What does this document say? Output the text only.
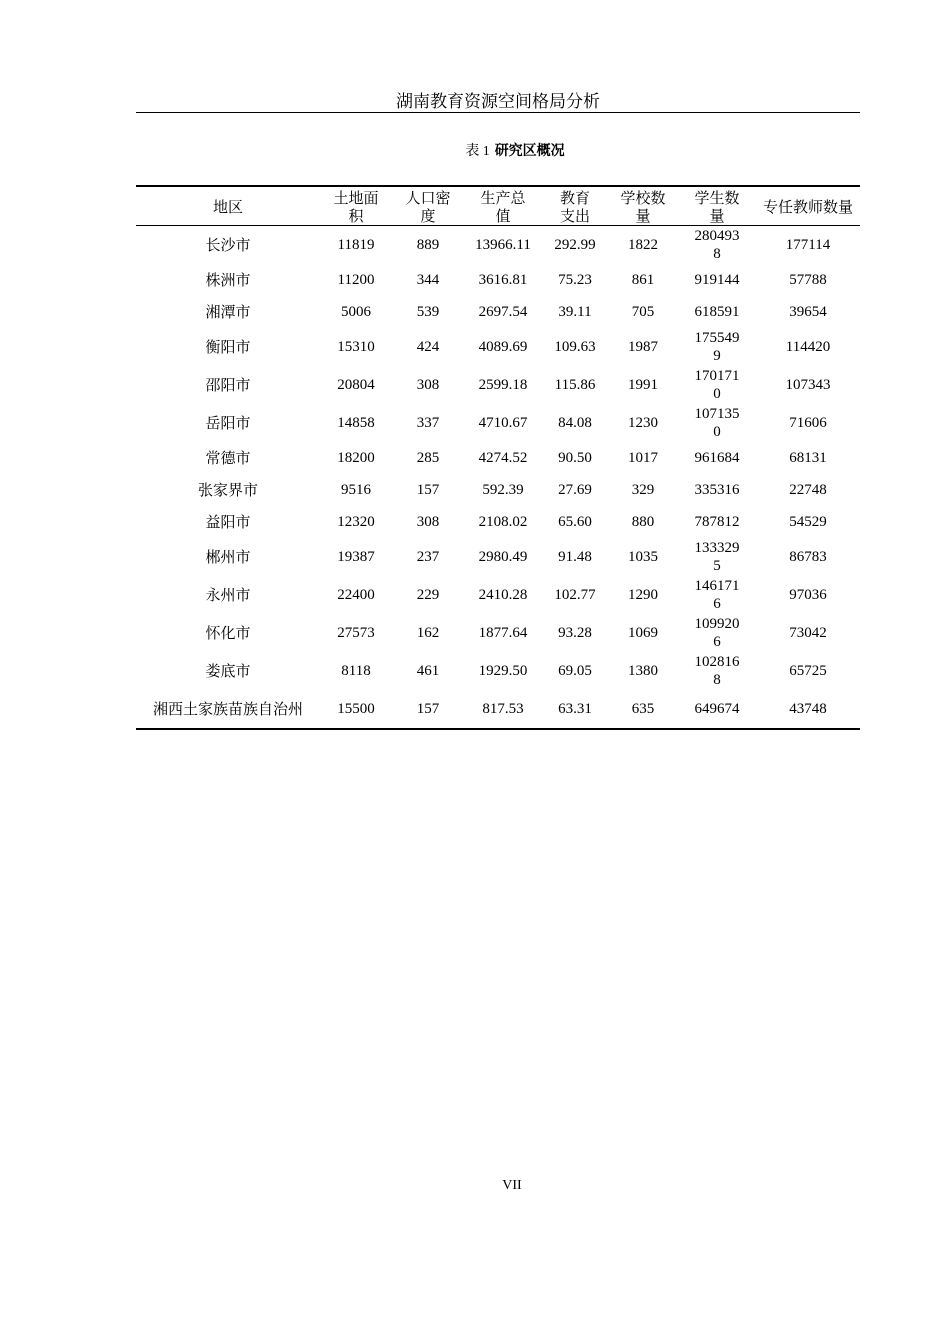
湖南教育资源空间格局分析
表 1 研究区概况
地区	土地面积	人口密度	生产总值	教育支出	学校数量	学生数量	专任教师数量
长沙市	11819	889	13966.11	292.99	1822	2804938	177114
株洲市	11200	344	3616.81	75.23	861	919144	57788
湘潭市	5006	539	2697.54	39.11	705	618591	39654
衡阳市	15310	424	4089.69	109.63	1987	1755499	114420
邵阳市	20804	308	2599.18	115.86	1991	1701710	107343
岳阳市	14858	337	4710.67	84.08	1230	1071350	71606
常德市	18200	285	4274.52	90.50	1017	961684	68131
张家界市	9516	157	592.39	27.69	329	335316	22748
益阳市	12320	308	2108.02	65.60	880	787812	54529
郴州市	19387	237	2980.49	91.48	1035	1333295	86783
永州市	22400	229	2410.28	102.77	1290	1461716	97036
怀化市	27573	162	1877.64	93.28	1069	1099206	73042
娄底市	8118	461	1929.50	69.05	1380	1028168	65725
湘西土家族苗族自治州	15500	157	817.53	63.31	635	649674	43748
VII
